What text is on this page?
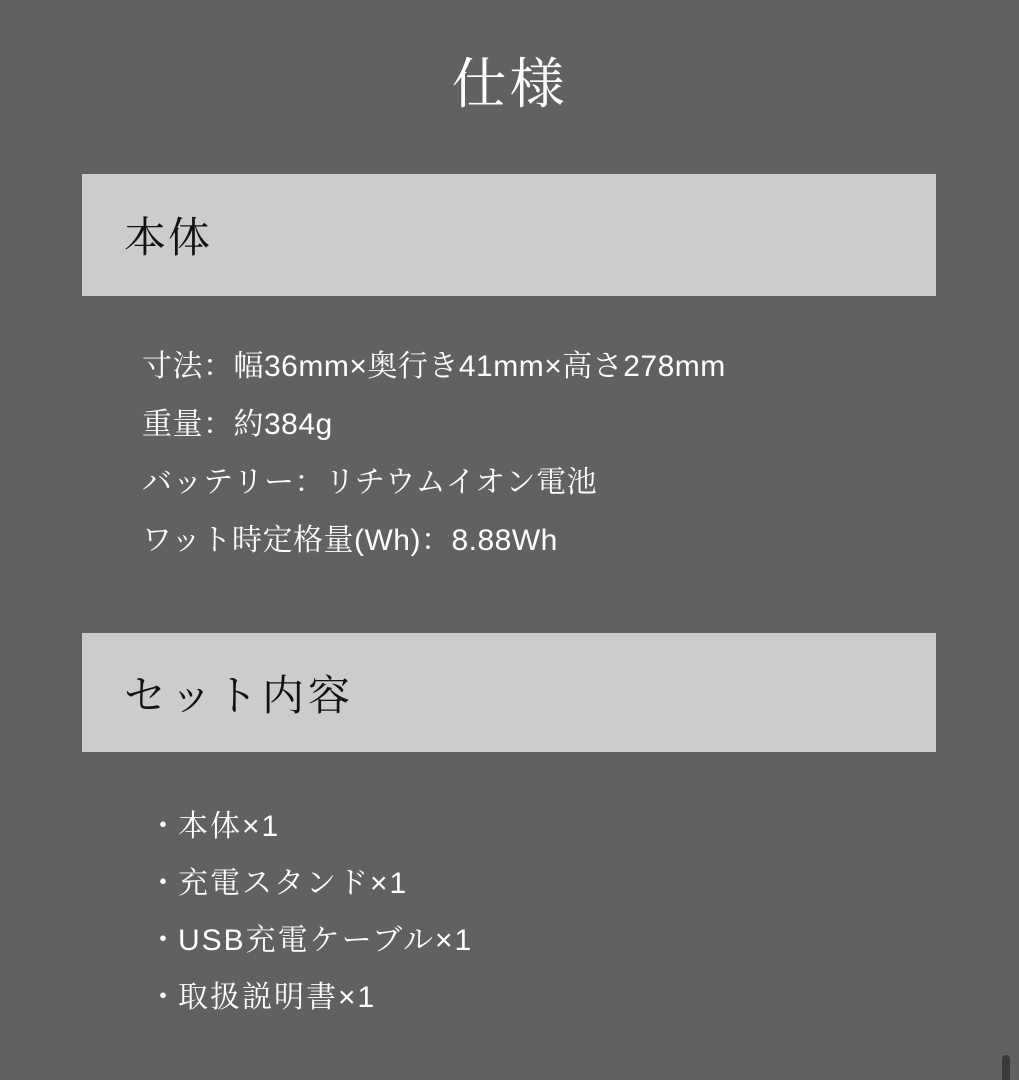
仕様
本体
寸法：幅36mm×奥行き41mm×高さ278mm
重量：約384g
バッテリー：リチウムイオン電池
ワット時定格量(Wh)：8.88Wh
セット内容
・本体×1
・充電スタンド×1
・USB充電ケーブル×1
・取扱説明書×1
